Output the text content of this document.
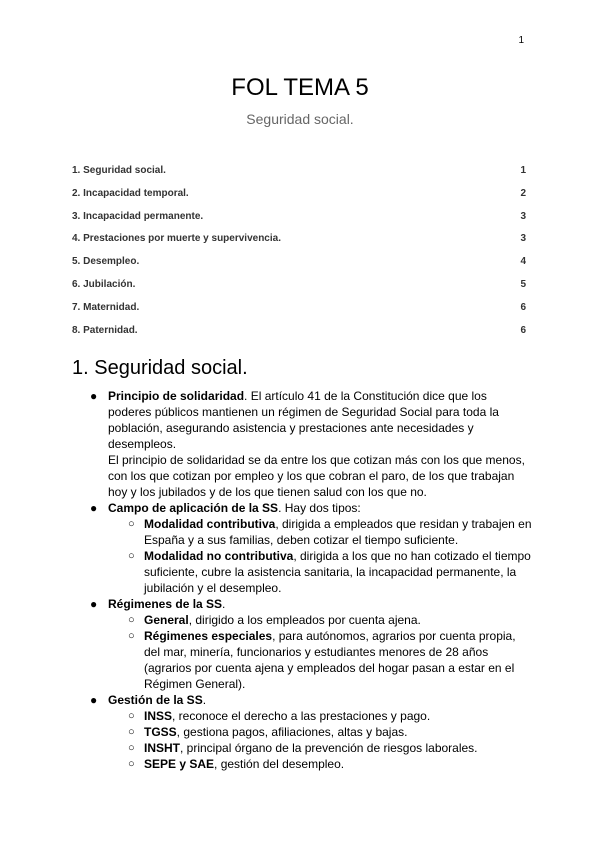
1
FOL TEMA 5

Seguridad social.

1. Seguridad social.	1
2. Incapacidad temporal.	2
3. Incapacidad permanente.	3
4. Prestaciones por muerte y supervivencia.	3
5. Desempleo.	4
6. Jubilación.	5
7. Maternidad.	6
8. Paternidad.	6
1. Seguridad social.
● Principio de solidaridad. El artículo 41 de la Constitución dice que los poderes públicos mantienen un régimen de Seguridad Social para toda la población, asegurando asistencia y prestaciones ante necesidades y desempleos.
El principio de solidaridad se da entre los que cotizan más con los que menos, con los que cotizan por empleo y los que cobran el paro, de los que trabajan hoy y los jubilados y de los que tienen salud con los que no.
● Campo de aplicación de la SS. Hay dos tipos:
○ Modalidad contributiva, dirigida a empleados que residan y trabajen en España y a sus familias, deben cotizar el tiempo suficiente.
○ Modalidad no contributiva, dirigida a los que no han cotizado el tiempo suficiente, cubre la asistencia sanitaria, la incapacidad permanente, la jubilación y el desempleo.
● Régimenes de la SS.
○ General, dirigido a los empleados por cuenta ajena.
○ Régimenes especiales, para autónomos, agrarios por cuenta propia, del mar, minería, funcionarios y estudiantes menores de 28 años (agrarios por cuenta ajena y empleados del hogar pasan a estar en el Régimen General).
● Gestión de la SS.
○ INSS, reconoce el derecho a las prestaciones y pago.
○ TGSS, gestiona pagos, afiliaciones, altas y bajas.
○ INSHT, principal órgano de la prevención de riesgos laborales.
○ SEPE y SAE, gestión del desempleo.
